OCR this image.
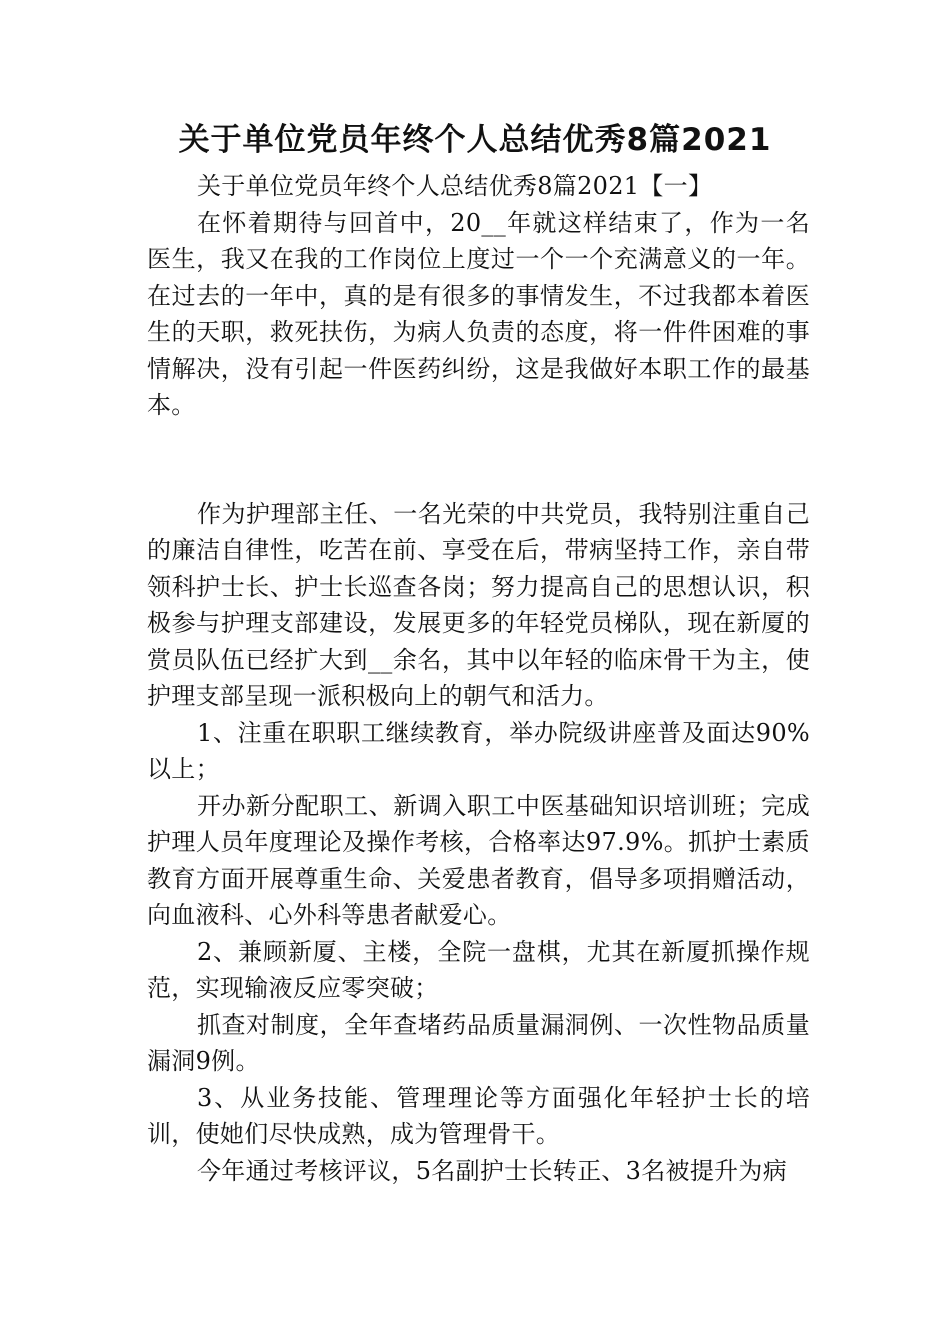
关于单位党员年终个人总结优秀8篇2021

关于单位党员年终个人总结优秀8篇2021【一】

在怀着期待与回首中，20__年就这样结束了，作为一名医生，我又在我的工作岗位上度过一个一个充满意义的一年。在过去的一年中，真的是有很多的事情发生，不过我都本着医生的天职，救死扶伤，为病人负责的态度，将一件件困难的事情解决，没有引起一件医药纠纷，这是我做好本职工作的最基本。

作为护理部主任、一名光荣的中共党员，我特别注重自己的廉洁自律性，吃苦在前、享受在后，带病坚持工作，亲自带领科护士长、护士长巡查各岗；努力提高自己的思想认识，积极参与护理支部建设，发展更多的年轻党员梯队，现在新厦的赏员队伍已经扩大到__余名，其中以年轻的临床骨干为主，使护理支部呈现一派积极向上的朝气和活力。

1、注重在职职工继续教育，举办院级讲座普及面达90%以上；

开办新分配职工、新调入职工中医基础知识培训班；完成护理人员年度理论及操作考核，合格率达97.9%。抓护士素质教育方面开展尊重生命、关爱患者教育，倡导多项捐赠活动，向血液科、心外科等患者献爱心。

2、兼顾新厦、主楼，全院一盘棋，尤其在新厦抓操作规范，实现输液反应零突破；

抓查对制度，全年查堵药品质量漏洞例、一次性物品质量漏洞9例。

3、从业务技能、管理理论等方面强化年轻护士长的培训，使她们尽快成熟，成为管理骨干。

今年通过考核评议，5名副护士长转正、3名被提升为病
